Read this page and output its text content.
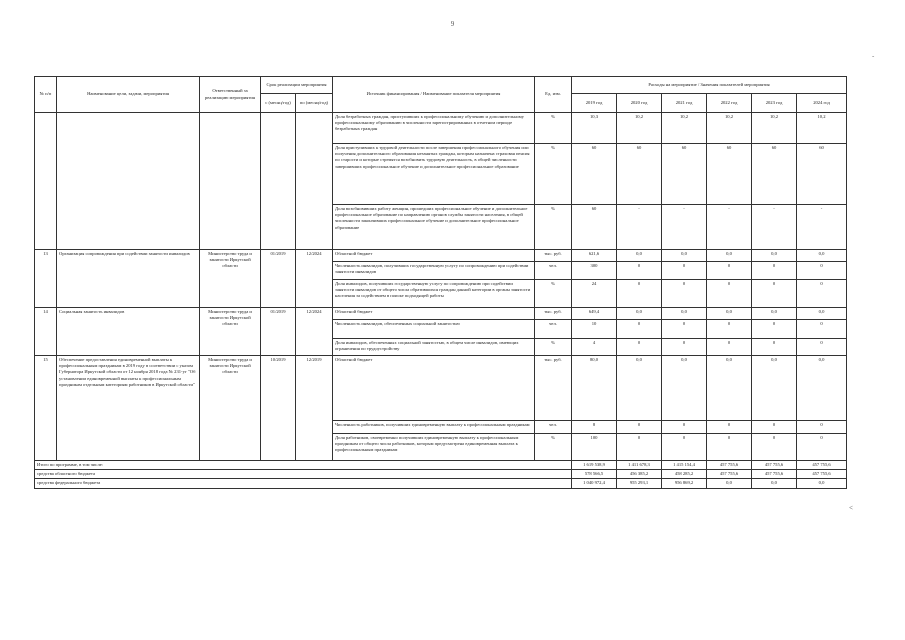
9
-
<
№ п/п	Наименование цели, задачи, мероприятия	Ответственный за реализацию мероприятия	Срок реализации мероприятия		Источник финансирования / Наименование показателя мероприятия	Ед. изм.	Расходы на мероприятие / Значения показателей мероприятия					
			с (месяц/год)	по (месяц/год)			2019 год	2020 год	2021 год	2022 год	2023 год	2024 год
					Доля безработных граждан, приступивших к профессиональному обучению и дополнительному профессиональному образованию в численности зарегистрированных в отчетном периоде безработных граждан	%	10,3	10,2	10,2	10,2	10,2	10,2
					Доля приступивших к трудовой деятельности после завершения профессионального обучения или получения дополнительного образования незанятых граждан, которым назначена страховая пенсия по старости и которые стремятся возобновить трудовую деятельность, в общей численности завершивших профессиональное обучение и дополнительное профессиональное образование	%	60	60	60	60	60	60
					Доля возобновивших работу женщин, прошедших профессиональное обучение и дополнительное профессиональное образование по направлению органов службы занятости населения, в общей численности закончивших профессиональное обучение и дополнительное профессиональное образование	%	60	-	-	-	-	-
13	Организация сопровождения при содействии занятости инвалидов	Министерство труда и занятости Иркутской области	01/2019	12/2024	Областной бюджет	тыс. руб.	621,6	0,0	0,0	0,0	0,0	0,0
					Численность инвалидов, получивших государственную услугу по сопровождению при содействии занятости инвалидов	чел.	300	0	0	0	0	0
					Доля инвалидов, получивших государственную услугу по сопровождению при содействии занятости инвалидов от общего числа обратившихся граждан данной категории в органы занятости населения за содействием в поиске подходящей работы	%	24	0	0	0	0	0
14	Социальная занятость инвалидов	Министерство труда и занятости Иркутской области	01/2019	12/2024	Областной бюджет	тыс. руб.	649,4	0,0	0,0	0,0	0,0	0,0
					Численность инвалидов, обеспеченных социальной занятостью	чел.	10	0	0	0	0	0
					Доля инвалидов, обеспеченных социальной занятостью, в общем числе инвалидов, имеющих ограничения по трудоустройству	%	4	0	0	0	0	0
15	Обеспечение предоставления единовременной выплаты к профессиональным праздникам в 2019 году в соответствии с указом Губернатора Иркутской области от 12 ноября 2018 года № 231-уг "Об установлении единовременной выплаты к профессиональным праздникам отдельным категориям работников в Иркутской области"	Министерство труда и занятости Иркутской области	10/2019	12/2019	Областной бюджет	тыс. руб.	80,0	0,0	0,0	0,0	0,0	0,0
					Численность работников, получивших единовременную выплату к профессиональным праздникам	чел.	8	0	0	0	0	0
					Доля работников, своевременно получивших единовременную выплату к профессиональным праздникам от общего числа работников, которым предусмотрена единовременная выплата к профессиональным праздникам	%	100	0	0	0	0	0
Итого по программе, в том числе:							1 619 538,9	1 411 678,3	1 415 154,4	457 755,6	457 755,6	457 755,6
средства областного бюджета							578 566,5	456 385,2	458 285,2	457 755,6	457 755,6	457 755,6
средства федерального бюджета							1 040 972,4	955 293,1	956 869,2	0,0	0,0	0,0
